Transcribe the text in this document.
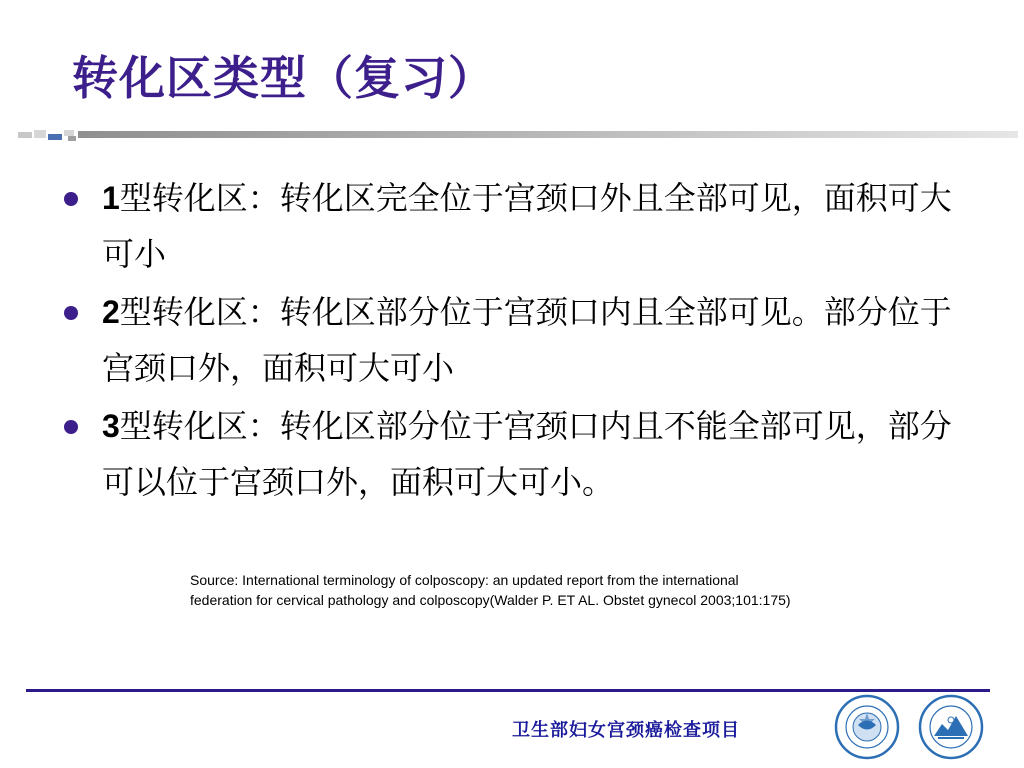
转化区类型（复习）
1型转化区：转化区完全位于宫颈口外且全部可见，面积可大可小
2型转化区：转化区部分位于宫颈口内且全部可见。部分位于宫颈口外，面积可大可小
3型转化区：转化区部分位于宫颈口内且不能全部可见，部分可以位于宫颈口外，面积可大可小。
Source: International terminology of colposcopy: an updated report from the international
federation for cervical pathology and colposcopy(Walder P. ET AL. Obstet gynecol 2003;101:175)
卫生部妇女宫颈癌检查项目
